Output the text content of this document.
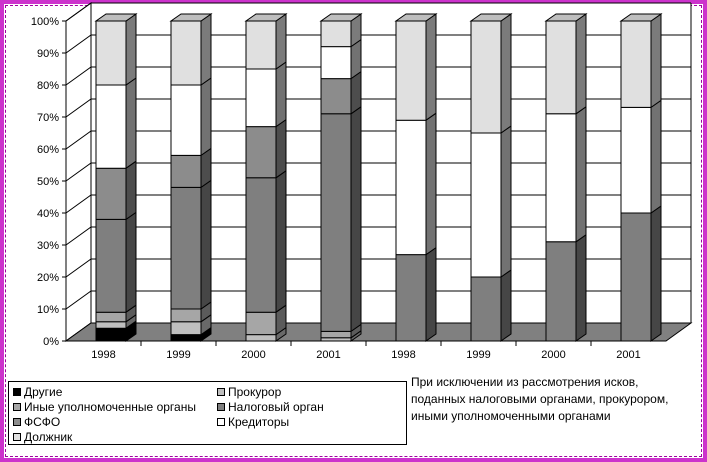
0%
10%
20%
30%
40%
50%
60%
70%
80%
90%
100%
1998	1999	2000	2001	1998	1999	2000	2001
Другие	Прокурор
Иные уполномоченные органы	Налоговый орган
ФСФО	Кредиторы
Должник
При исключении из рассмотрения исков, поданных налоговыми органами, прокурором, иными уполномоченными органами
